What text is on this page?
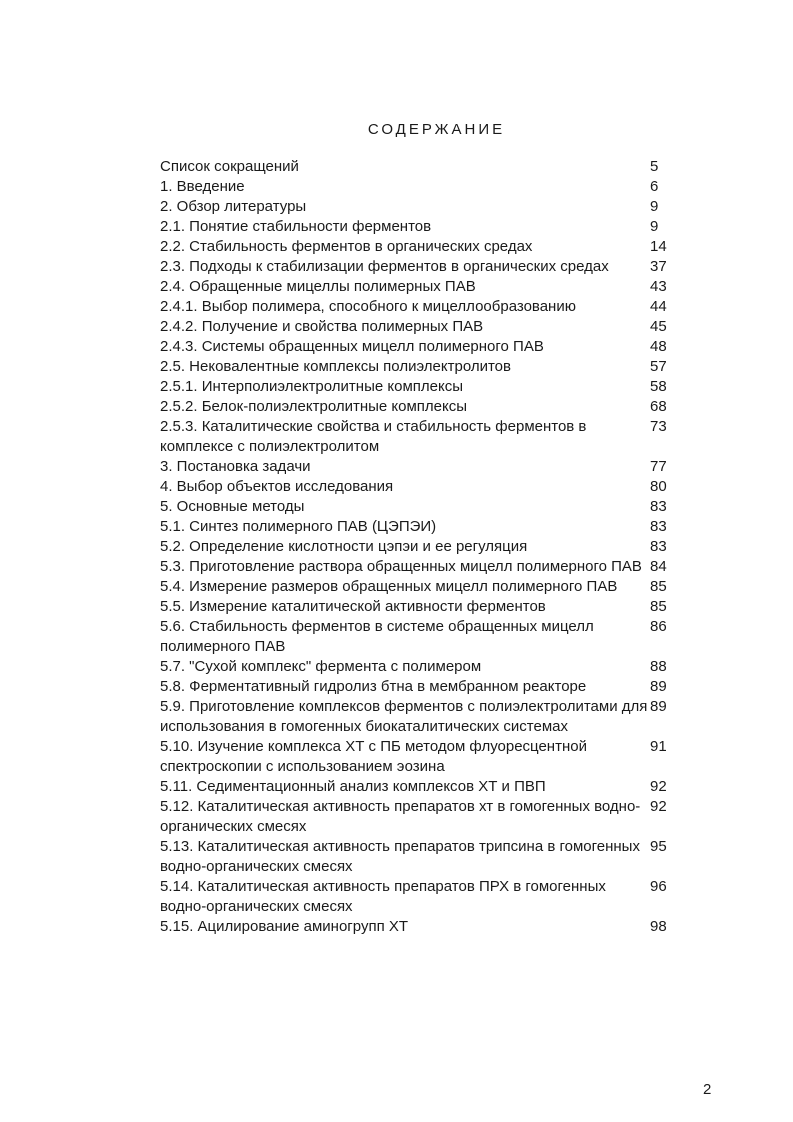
СОДЕРЖАНИЕ
Список сокращений	5
1. Введение	6
2. Обзор литературы	9
2.1. Понятие стабильности ферментов	9
2.2. Стабильность ферментов в органических средах	14
2.3. Подходы к стабилизации ферментов в органических средах	37
2.4. Обращенные мицеллы полимерных ПАВ	43
2.4.1. Выбор полимера, способного к мицеллообразованию	44
2.4.2. Получение и свойства полимерных ПАВ	45
2.4.3. Системы обращенных мицелл полимерного ПАВ	48
2.5. Нековалентные комплексы полиэлектролитов	57
2.5.1. Интерполиэлектролитные комплексы	58
2.5.2. Белок-полиэлектролитные комплексы	68
2.5.3. Каталитические свойства и стабильность ферментов в комплексе с полиэлектролитом
73
3. Постановка задачи	77
4. Выбор объектов исследования	80
5. Основные методы	83
5.1. Синтез полимерного ПАВ (ЦЭПЭИ)	83
5.2. Определение кислотности цэпэи и ее регуляция	83
5.3. Приготовление раствора обращенных мицелл полимерного ПАВ 84
5.4. Измерение размеров обращенных мицелл полимерного ПАВ	85
5.5. Измерение каталитической активности ферментов	85
5.6. Стабильность ферментов в системе обращенных мицелл полимерного ПАВ
86
5.7. "Сухой комплекс" фермента с полимером	88
5.8. Ферментативный гидролиз бтна в мембранном реакторе	89
5.9. Приготовление комплексов ферментов с полиэлектролитами для использования в гомогенных биокаталитических системах
89
5.10. Изучение комплекса ХТ с ПБ методом флуоресцентной спектроскопии с использованием эозина
91
5.11. Седиментационный анализ комплексов ХТ и ПВП	92
5.12. Каталитическая активность препаратов хт в гомогенных водно-органических смесях
92
5.13. Каталитическая активность препаратов трипсина в гомогенных водно-органических смесях
95
5.14. Каталитическая активность препаратов ПРХ в гомогенных водно-органических смесях
96
5.15. Ацилирование аминогрупп ХТ	98
2
